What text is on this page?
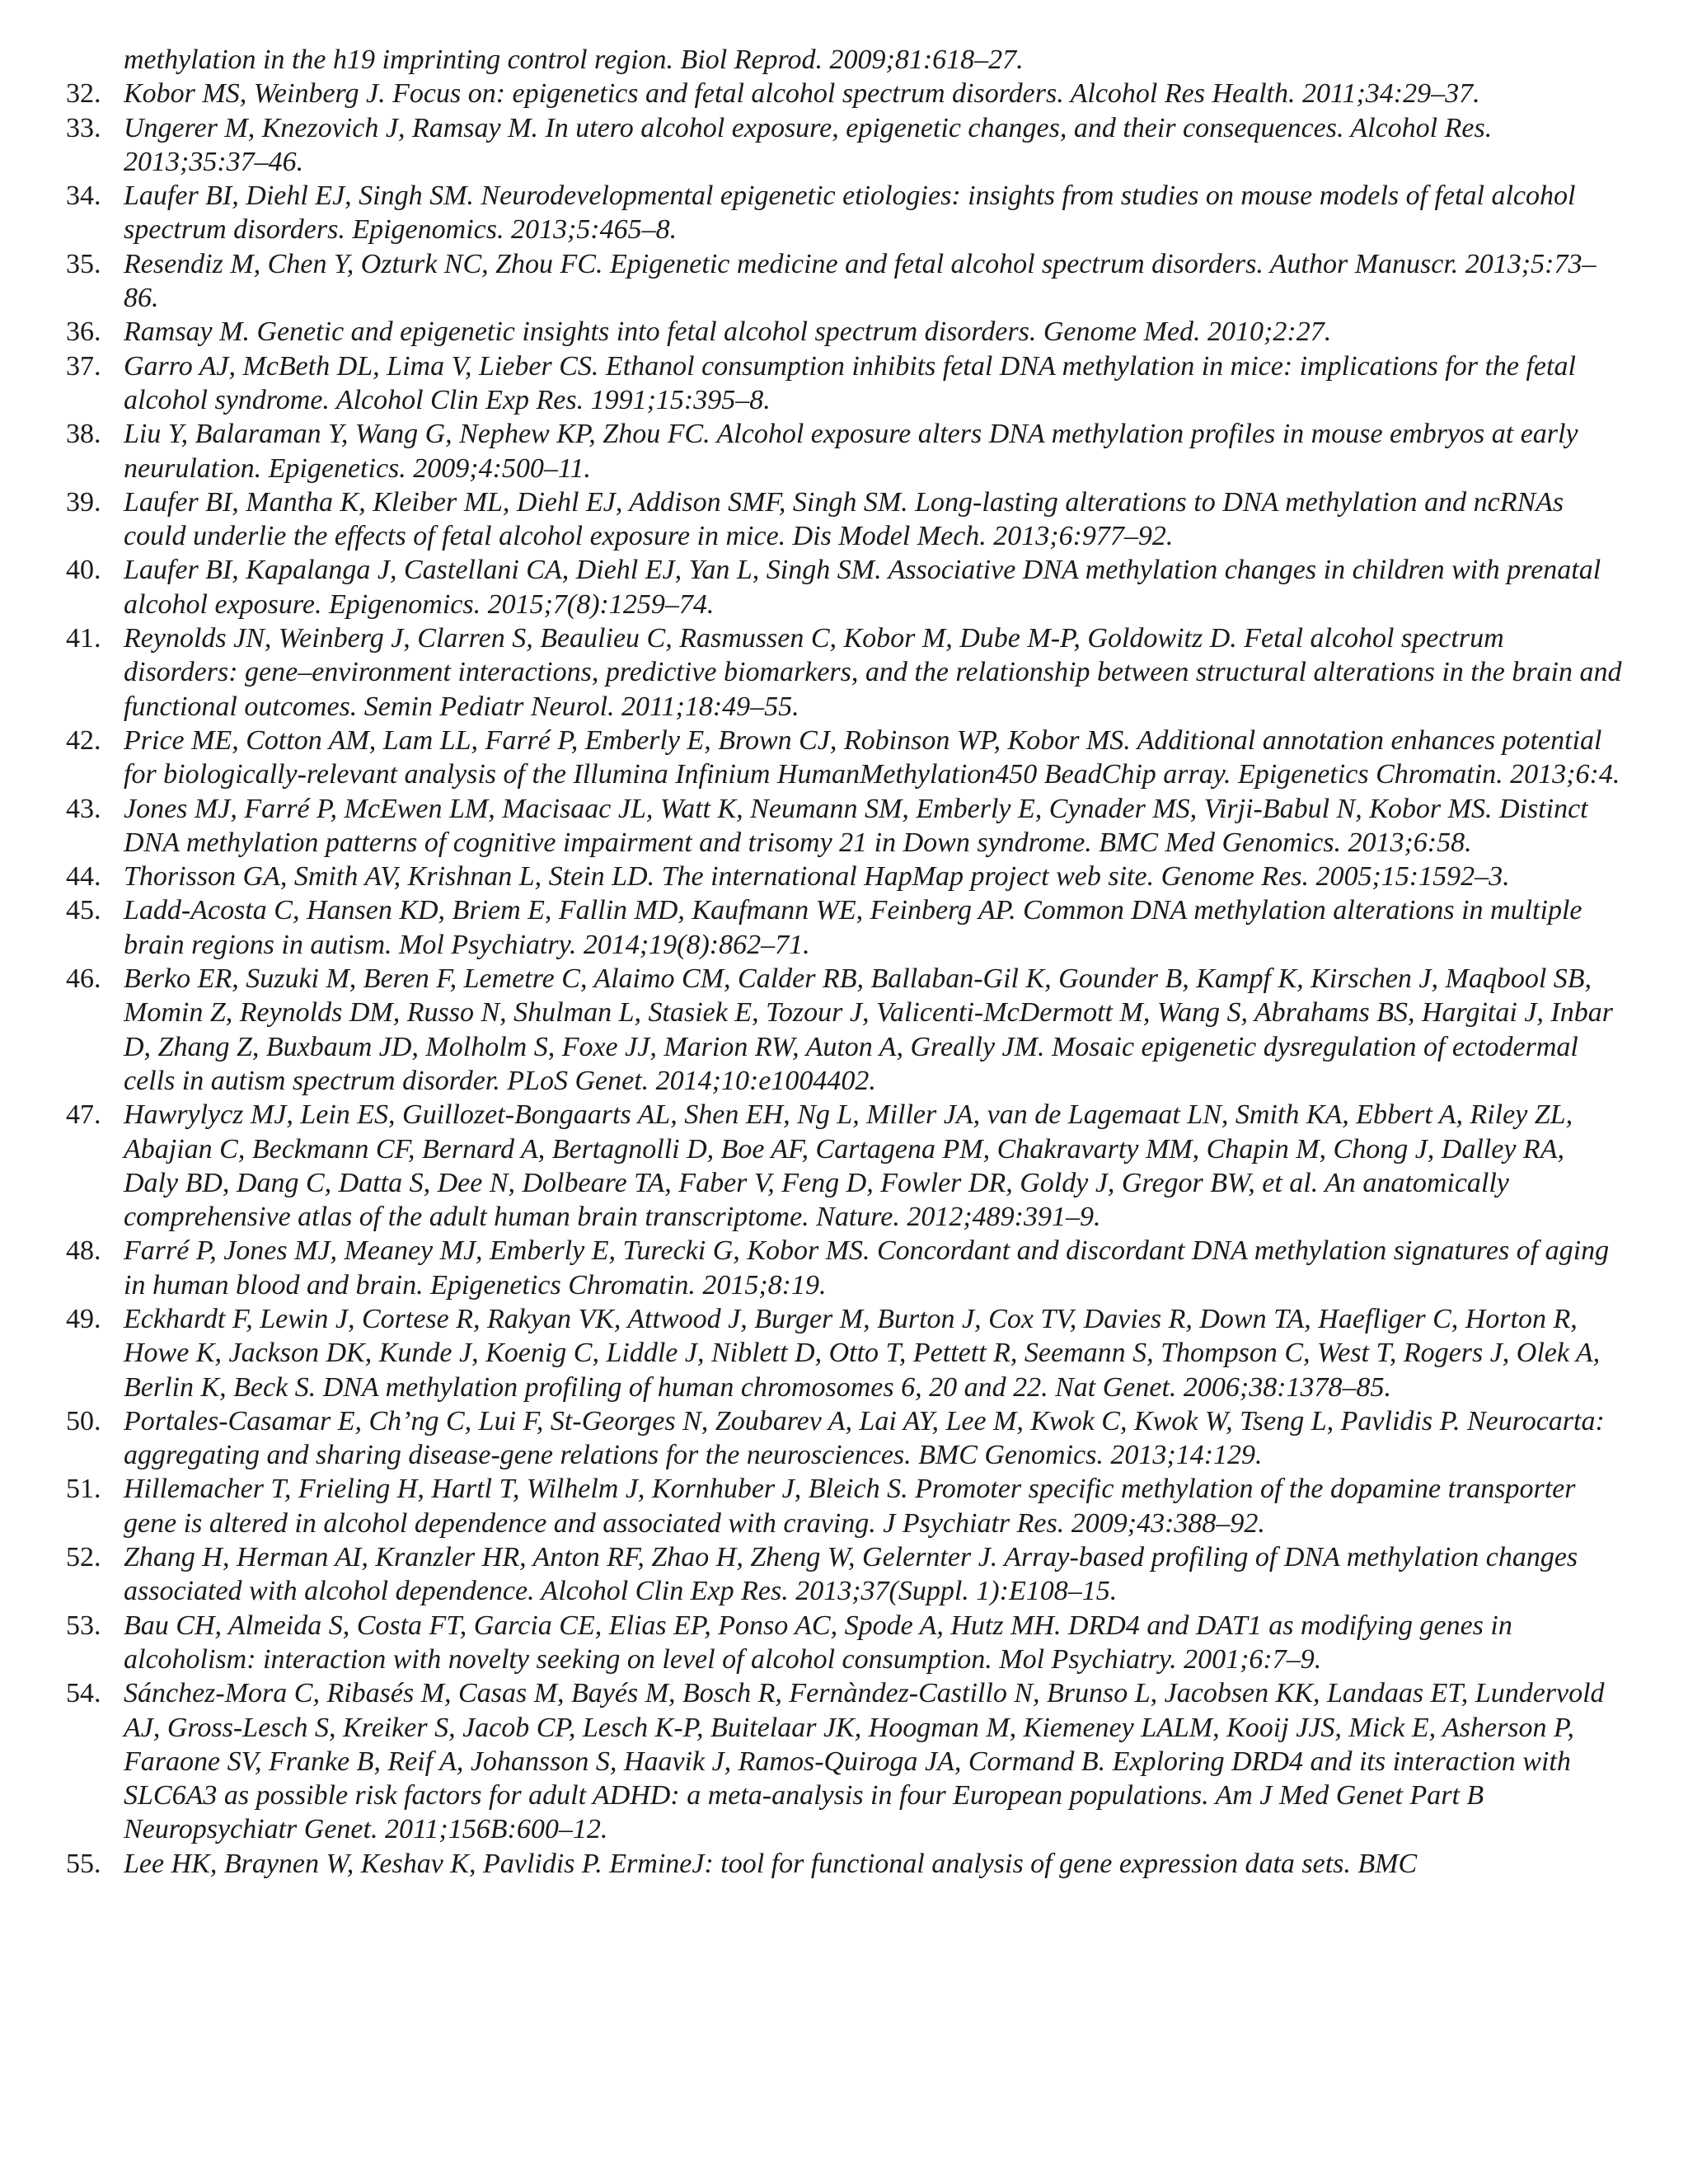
methylation in the h19 imprinting control region. Biol Reprod. 2009;81:618–27.
32. Kobor MS, Weinberg J. Focus on: epigenetics and fetal alcohol spectrum disorders. Alcohol Res Health. 2011;34:29–37.
33. Ungerer M, Knezovich J, Ramsay M. In utero alcohol exposure, epigenetic changes, and their consequences. Alcohol Res. 2013;35:37–46.
34. Laufer BI, Diehl EJ, Singh SM. Neurodevelopmental epigenetic etiologies: insights from studies on mouse models of fetal alcohol spectrum disorders. Epigenomics. 2013;5:465–8.
35. Resendiz M, Chen Y, Ozturk NC, Zhou FC. Epigenetic medicine and fetal alcohol spectrum disorders. Author Manuscr. 2013;5:73–86.
36. Ramsay M. Genetic and epigenetic insights into fetal alcohol spectrum disorders. Genome Med. 2010;2:27.
37. Garro AJ, McBeth DL, Lima V, Lieber CS. Ethanol consumption inhibits fetal DNA methylation in mice: implications for the fetal alcohol syndrome. Alcohol Clin Exp Res. 1991;15:395–8.
38. Liu Y, Balaraman Y, Wang G, Nephew KP, Zhou FC. Alcohol exposure alters DNA methylation profiles in mouse embryos at early neurulation. Epigenetics. 2009;4:500–11.
39. Laufer BI, Mantha K, Kleiber ML, Diehl EJ, Addison SMF, Singh SM. Long-lasting alterations to DNA methylation and ncRNAs could underlie the effects of fetal alcohol exposure in mice. Dis Model Mech. 2013;6:977–92.
40. Laufer BI, Kapalanga J, Castellani CA, Diehl EJ, Yan L, Singh SM. Associative DNA methylation changes in children with prenatal alcohol exposure. Epigenomics. 2015;7(8):1259–74.
41. Reynolds JN, Weinberg J, Clarren S, Beaulieu C, Rasmussen C, Kobor M, Dube M-P, Goldowitz D. Fetal alcohol spectrum disorders: gene–environment interactions, predictive biomarkers, and the relationship between structural alterations in the brain and functional outcomes. Semin Pediatr Neurol. 2011;18:49–55.
42. Price ME, Cotton AM, Lam LL, Farré P, Emberly E, Brown CJ, Robinson WP, Kobor MS. Additional annotation enhances potential for biologically-relevant analysis of the Illumina Infinium HumanMethylation450 BeadChip array. Epigenetics Chromatin. 2013;6:4.
43. Jones MJ, Farré P, McEwen LM, Macisaac JL, Watt K, Neumann SM, Emberly E, Cynader MS, Virji-Babul N, Kobor MS. Distinct DNA methylation patterns of cognitive impairment and trisomy 21 in Down syndrome. BMC Med Genomics. 2013;6:58.
44. Thorisson GA, Smith AV, Krishnan L, Stein LD. The international HapMap project web site. Genome Res. 2005;15:1592–3.
45. Ladd-Acosta C, Hansen KD, Briem E, Fallin MD, Kaufmann WE, Feinberg AP. Common DNA methylation alterations in multiple brain regions in autism. Mol Psychiatry. 2014;19(8):862–71.
46. Berko ER, Suzuki M, Beren F, Lemetre C, Alaimo CM, Calder RB, Ballaban-Gil K, Gounder B, Kampf K, Kirschen J, Maqbool SB, Momin Z, Reynolds DM, Russo N, Shulman L, Stasiek E, Tozour J, Valicenti-McDermott M, Wang S, Abrahams BS, Hargitai J, Inbar D, Zhang Z, Buxbaum JD, Molholm S, Foxe JJ, Marion RW, Auton A, Greally JM. Mosaic epigenetic dysregulation of ectodermal cells in autism spectrum disorder. PLoS Genet. 2014;10:e1004402.
47. Hawrylycz MJ, Lein ES, Guillozet-Bongaarts AL, Shen EH, Ng L, Miller JA, van de Lagemaat LN, Smith KA, Ebbert A, Riley ZL, Abajian C, Beckmann CF, Bernard A, Bertagnolli D, Boe AF, Cartagena PM, Chakravarty MM, Chapin M, Chong J, Dalley RA, Daly BD, Dang C, Datta S, Dee N, Dolbeare TA, Faber V, Feng D, Fowler DR, Goldy J, Gregor BW, et al. An anatomically comprehensive atlas of the adult human brain transcriptome. Nature. 2012;489:391–9.
48. Farré P, Jones MJ, Meaney MJ, Emberly E, Turecki G, Kobor MS. Concordant and discordant DNA methylation signatures of aging in human blood and brain. Epigenetics Chromatin. 2015;8:19.
49. Eckhardt F, Lewin J, Cortese R, Rakyan VK, Attwood J, Burger M, Burton J, Cox TV, Davies R, Down TA, Haefliger C, Horton R, Howe K, Jackson DK, Kunde J, Koenig C, Liddle J, Niblett D, Otto T, Pettett R, Seemann S, Thompson C, West T, Rogers J, Olek A, Berlin K, Beck S. DNA methylation profiling of human chromosomes 6, 20 and 22. Nat Genet. 2006;38:1378–85.
50. Portales-Casamar E, Ch’ng C, Lui F, St-Georges N, Zoubarev A, Lai AY, Lee M, Kwok C, Kwok W, Tseng L, Pavlidis P. Neurocarta: aggregating and sharing disease-gene relations for the neurosciences. BMC Genomics. 2013;14:129.
51. Hillemacher T, Frieling H, Hartl T, Wilhelm J, Kornhuber J, Bleich S. Promoter specific methylation of the dopamine transporter gene is altered in alcohol dependence and associated with craving. J Psychiatr Res. 2009;43:388–92.
52. Zhang H, Herman AI, Kranzler HR, Anton RF, Zhao H, Zheng W, Gelernter J. Array-based profiling of DNA methylation changes associated with alcohol dependence. Alcohol Clin Exp Res. 2013;37(Suppl. 1):E108–15.
53. Bau CH, Almeida S, Costa FT, Garcia CE, Elias EP, Ponso AC, Spode A, Hutz MH. DRD4 and DAT1 as modifying genes in alcoholism: interaction with novelty seeking on level of alcohol consumption. Mol Psychiatry. 2001;6:7–9.
54. Sánchez-Mora C, Ribasés M, Casas M, Bayés M, Bosch R, Fernàndez-Castillo N, Brunso L, Jacobsen KK, Landaas ET, Lundervold AJ, Gross-Lesch S, Kreiker S, Jacob CP, Lesch K-P, Buitelaar JK, Hoogman M, Kiemeney LALM, Kooij JJS, Mick E, Asherson P, Faraone SV, Franke B, Reif A, Johansson S, Haavik J, Ramos-Quiroga JA, Cormand B. Exploring DRD4 and its interaction with SLC6A3 as possible risk factors for adult ADHD: a meta-analysis in four European populations. Am J Med Genet Part B Neuropsychiatr Genet. 2011;156B:600–12.
55. Lee HK, Braynen W, Keshav K, Pavlidis P. ErmineJ: tool for functional analysis of gene expression data sets. BMC
